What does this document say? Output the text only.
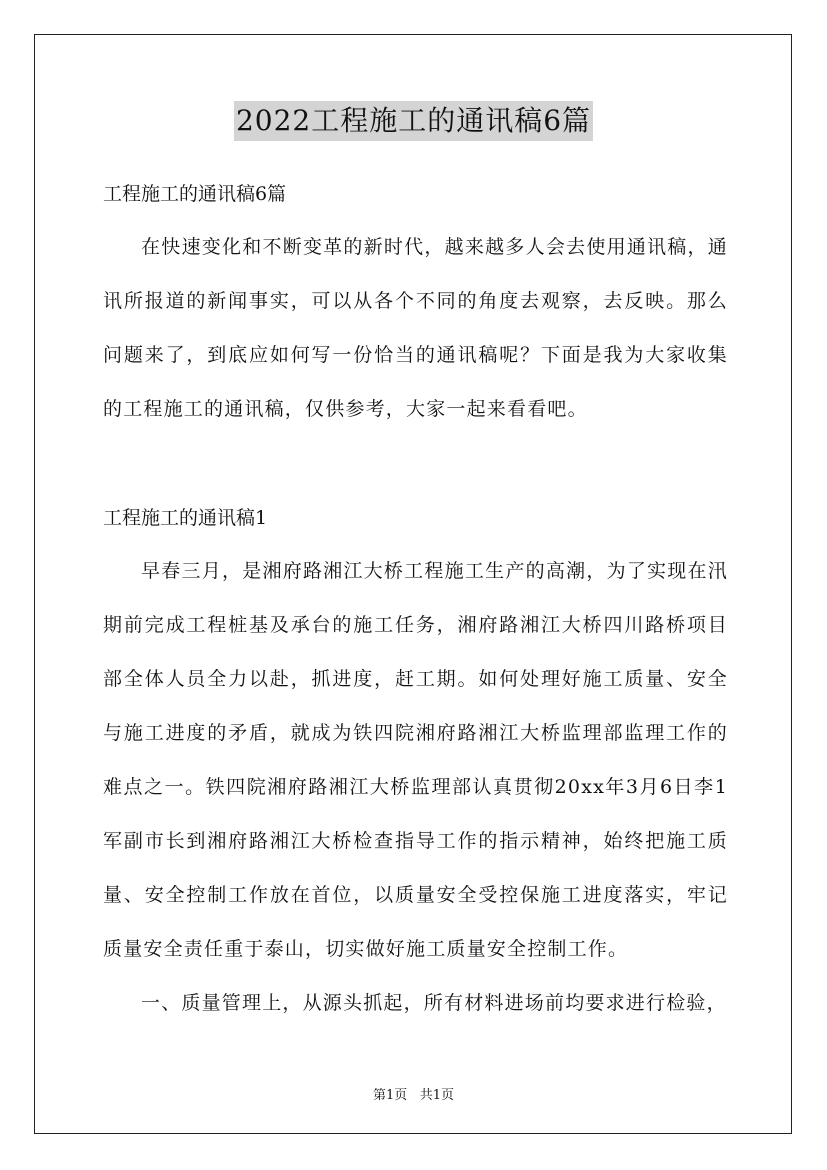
2022工程施工的通讯稿6篇
工程施工的通讯稿6篇

在快速变化和不断变革的新时代，越来越多人会去使用通讯稿，通讯所报道的新闻事实，可以从各个不同的角度去观察，去反映。那么问题来了，到底应如何写一份恰当的通讯稿呢？下面是我为大家收集的工程施工的通讯稿，仅供参考，大家一起来看看吧。

工程施工的通讯稿1

早春三月，是湘府路湘江大桥工程施工生产的高潮，为了实现在汛期前完成工程桩基及承台的施工任务，湘府路湘江大桥四川路桥项目部全体人员全力以赴，抓进度，赶工期。如何处理好施工质量、安全与施工进度的矛盾，就成为铁四院湘府路湘江大桥监理部监理工作的难点之一。铁四院湘府路湘江大桥监理部认真贯彻20xx年3月6日李1军副市长到湘府路湘江大桥检查指导工作的指示精神，始终把施工质量、安全控制工作放在首位，以质量安全受控保施工进度落实，牢记质量安全责任重于泰山，切实做好施工质量安全控制工作。

一、质量管理上，从源头抓起，所有材料进场前均要求进行检验，

第1页 共1页
